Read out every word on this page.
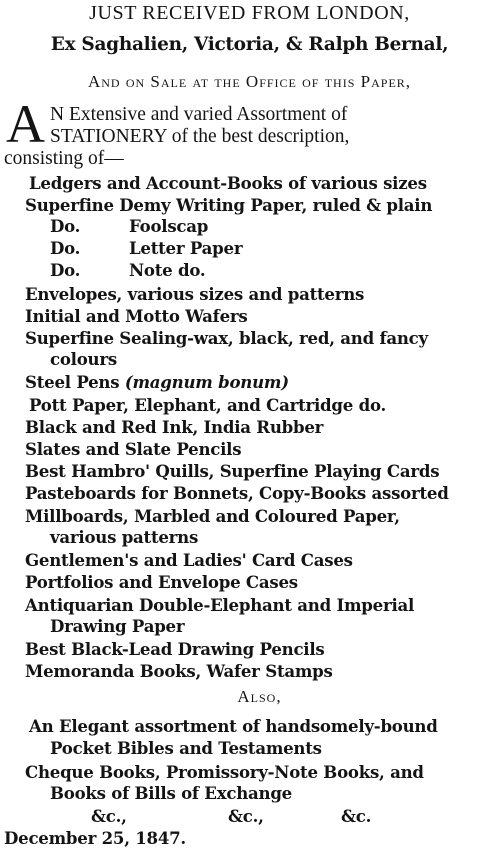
JUST RECEIVED FROM LONDON,
Ex Saghalien, Victoria, & Ralph Bernal,
And on Sale at the Office of this Paper,
A N Extensive and varied Assortment of
STATIONERY of the best description,
consisting of—
Ledgers and Account-Books of various sizes
Superfine Demy Writing Paper, ruled & plain
Do.	Foolscap
Do.	Letter Paper
Do.	Note do.
Envelopes, various sizes and patterns
Initial and Motto Wafers
Superfine Sealing-wax, black, red, and fancy
colours
Steel Pens (magnum bonum)
Pott Paper, Elephant, and Cartridge do.
Black and Red Ink, India Rubber
Slates and Slate Pencils
Best Hambro' Quills, Superfine Playing Cards
Pasteboards for Bonnets, Copy-Books assorted
Millboards, Marbled and Coloured Paper,
various patterns
Gentlemen's and Ladies' Card Cases
Portfolios and Envelope Cases
Antiquarian Double-Elephant and Imperial
Drawing Paper
Best Black-Lead Drawing Pencils
Memoranda Books, Wafer Stamps
Also,
An Elegant assortment of handsomely-bound
Pocket Bibles and Testaments
Cheque Books, Promissory-Note Books, and
Books of Bills of Exchange
&c.,	&c.,	&c.
December 25, 1847.
